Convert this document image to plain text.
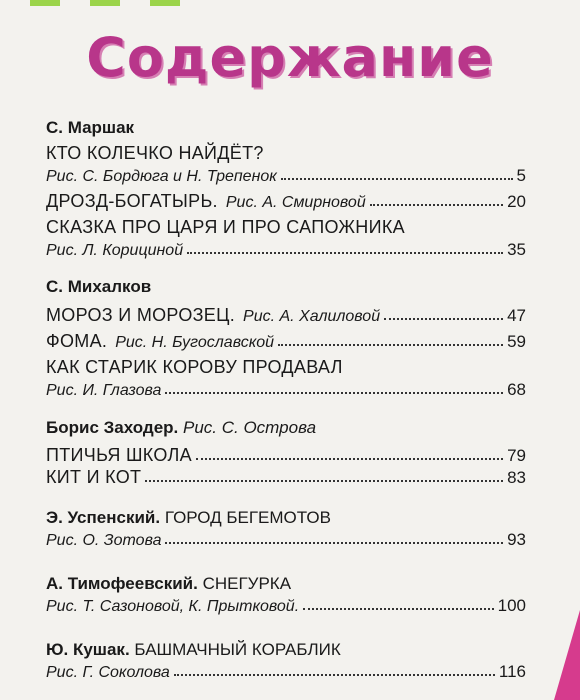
Содержание
С. Маршак
КТО КОЛЕЧКО НАЙДЁТ?
Рис. С. Бордюга и Н. Трепенок	5
ДРОЗД-БОГАТЫРЬ. Рис. А. Смирновой	20
СКАЗКА ПРО ЦАРЯ И ПРО САПОЖНИКА
Рис. Л. Корициной	35
С. Михалков
МОРОЗ И МОРОЗЕЦ. Рис. А. Халиловой	47
ФОМА. Рис. Н. Бугославской	59
КАК СТАРИК КОРОВУ ПРОДАВАЛ
Рис. И. Глазова	68
Борис Заходер. Рис. С. Острова
ПТИЧЬЯ ШКОЛА	79
КИТ И КОТ	83
Э. Успенский. ГОРОД БЕГЕМОТОВ
Рис. О. Зотова	93
А. Тимофеевский. СНЕГУРКА
Рис. Т. Сазоновой, К. Прытковой.	100
Ю. Кушак. БАШМАЧНЫЙ КОРАБЛИК
Рис. Г. Соколова	116
